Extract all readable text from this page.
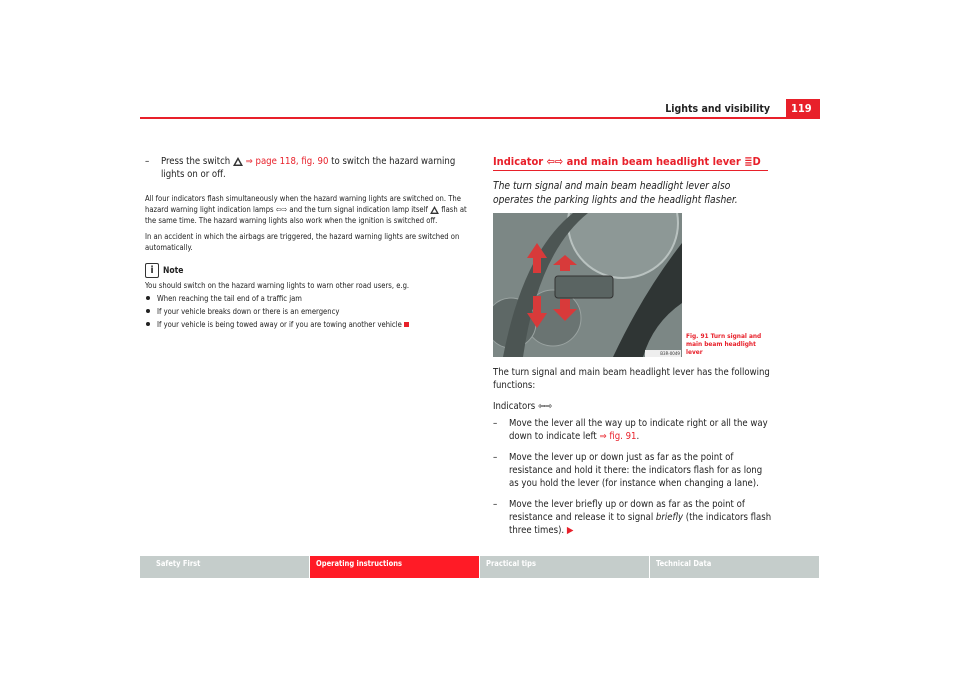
Lights and visibility	119

– Press the switch ⇒ page 118, fig. 90 to switch the hazard warning lights on or off.

All four indicators flash simultaneously when the hazard warning lights are switched on. The hazard warning light indication lamps ⇦⇨ and the turn signal indication lamp itself flash at the same time. The hazard warning lights also work when the ignition is switched off.

In an accident in which the airbags are triggered, the hazard warning lights are switched on automatically.

i	Note

You should switch on the hazard warning lights to warn other road users, e.g.

When reaching the tail end of a traffic jam
If your vehicle breaks down or there is an emergency
If your vehicle is being towed away or if you are towing another vehicle
Indicator ⇦⇨ and main beam headlight lever ≣D

The turn signal and main beam headlight lever also operates the parking lights and the headlight flasher.

B3R-0049
Fig. 91 Turn signal and main beam headlight lever

The turn signal and main beam headlight lever has the following functions:

Indicators ⇦⇨

– Move the lever all the way up to indicate right or all the way down to indicate left ⇒ fig. 91.

– Move the lever up or down just as far as the point of resistance and hold it there: the indicators flash for as long as you hold the lever (for instance when changing a lane).

– Move the lever briefly up or down as far as the point of resistance and release it to signal briefly (the indicators flash three times). ▶

Safety First	Operating instructions	Practical tips	Technical Data
